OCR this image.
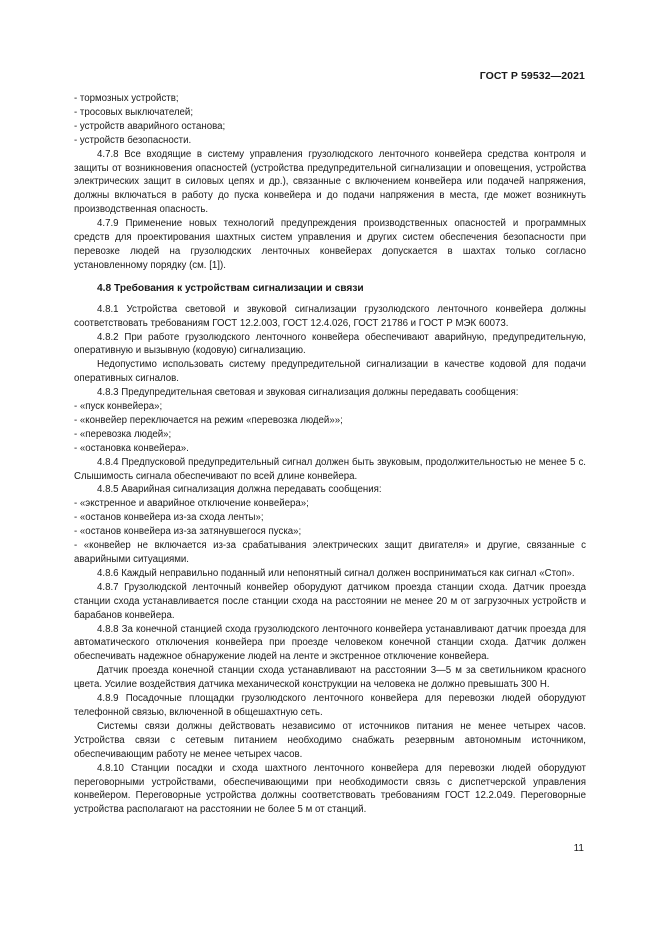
ГОСТ Р 59532—2021

- тормозных устройств;

- тросовых выключателей;

- устройств аварийного останова;

- устройств безопасности.

4.7.8 Все входящие в систему управления грузолюдского ленточного конвейера средства контроля и защиты от возникновения опасностей (устройства предупредительной сигнализации и оповещения, устройства электрических защит в силовых цепях и др.), связанные с включением конвейера или подачей напряжения, должны включаться в работу до пуска конвейера и до подачи напряжения в места, где может возникнуть производственная опасность.

4.7.9 Применение новых технологий предупреждения производственных опасностей и программных средств для проектирования шахтных систем управления и других систем обеспечения безопасности при перевозке людей на грузолюдских ленточных конвейерах допускается в шахтах только согласно установленному порядку (см. [1]).

4.8 Требования к устройствам сигнализации и связи

4.8.1 Устройства световой и звуковой сигнализации грузолюдского ленточного конвейера должны соответствовать требованиям ГОСТ 12.2.003, ГОСТ 12.4.026, ГОСТ 21786 и ГОСТ Р МЭК 60073.

4.8.2 При работе грузолюдского ленточного конвейера обеспечивают аварийную, предупредительную, оперативную и вызывную (кодовую) сигнализацию.

Недопустимо использовать систему предупредительной сигнализации в качестве кодовой для подачи оперативных сигналов.

4.8.3 Предупредительная световая и звуковая сигнализация должны передавать сообщения:

- «пуск конвейера»;

- «конвейер переключается на режим «перевозка людей»»;

- «перевозка людей»;

- «остановка конвейера».

4.8.4 Предпусковой предупредительный сигнал должен быть звуковым, продолжительностью не менее 5 с. Слышимость сигнала обеспечивают по всей длине конвейера.

4.8.5 Аварийная сигнализация должна передавать сообщения:

- «экстренное и аварийное отключение конвейера»;

- «останов конвейера из-за схода ленты»;

- «останов конвейера из-за затянувшегося пуска»;

- «конвейер не включается из-за срабатывания электрических защит двигателя» и другие, связанные с аварийными ситуациями.

4.8.6 Каждый неправильно поданный или непонятный сигнал должен восприниматься как сигнал «Стоп».

4.8.7 Грузолюдской ленточный конвейер оборудуют датчиком проезда станции схода. Датчик проезда станции схода устанавливается после станции схода на расстоянии не менее 20 м от загрузочных устройств и барабанов конвейера.

4.8.8 За конечной станцией схода грузолюдского ленточного конвейера устанавливают датчик проезда для автоматического отключения конвейера при проезде человеком конечной станции схода. Датчик должен обеспечивать надежное обнаружение людей на ленте и экстренное отключение конвейера.

Датчик проезда конечной станции схода устанавливают на расстоянии 3—5 м за светильником красного цвета. Усилие воздействия датчика механической конструкции на человека не должно превышать 300 Н.

4.8.9 Посадочные площадки грузолюдского ленточного конвейера для перевозки людей оборудуют телефонной связью, включенной в общешахтную сеть.

Системы связи должны действовать независимо от источников питания не менее четырех часов. Устройства связи с сетевым питанием необходимо снабжать резервным автономным источником, обеспечивающим работу не менее четырех часов.

4.8.10 Станции посадки и схода шахтного ленточного конвейера для перевозки людей оборудуют переговорными устройствами, обеспечивающими при необходимости связь с диспетчерской управления конвейером. Переговорные устройства должны соответствовать требованиям ГОСТ 12.2.049. Переговорные устройства располагают на расстоянии не более 5 м от станций.

11
